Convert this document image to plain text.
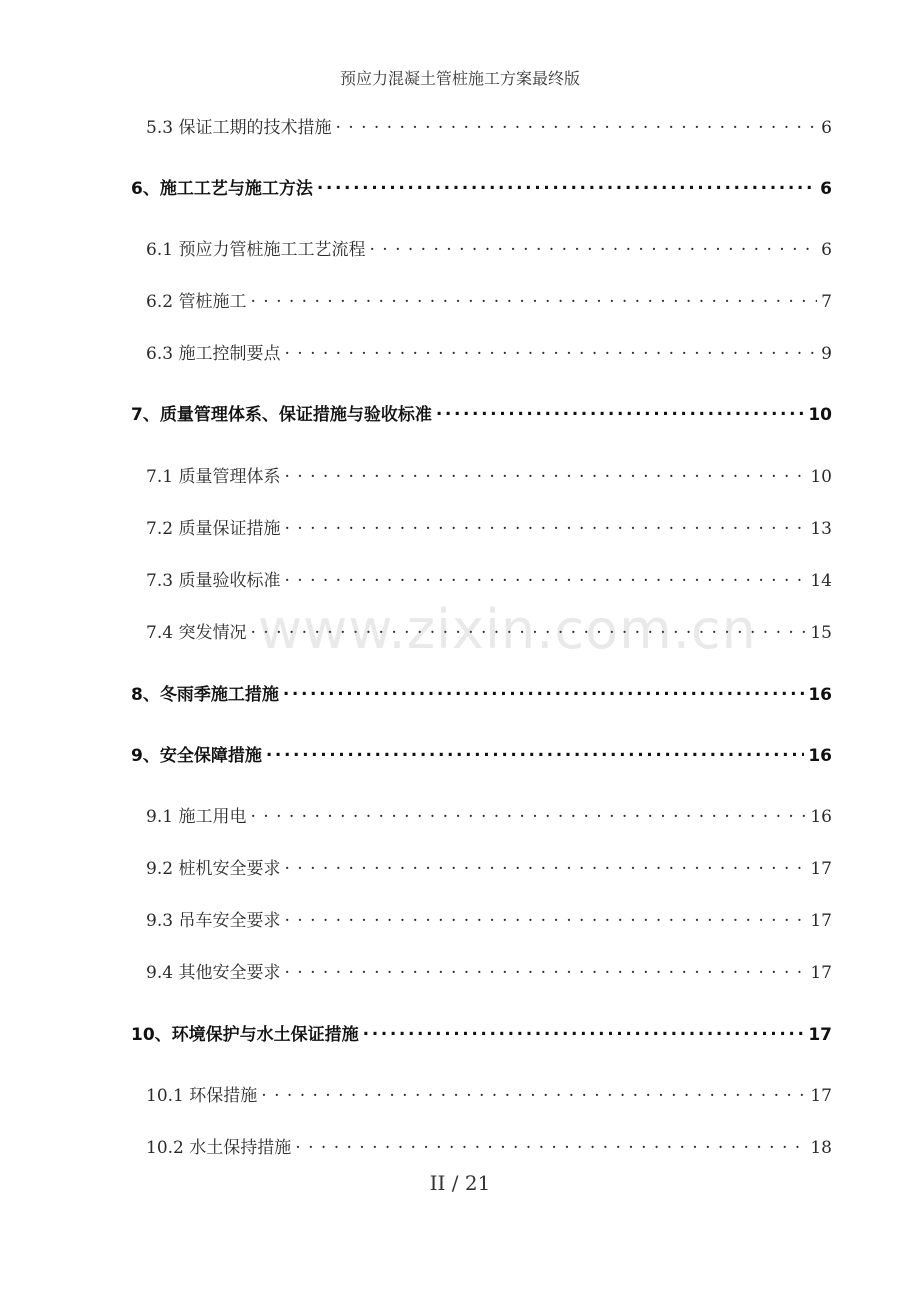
预应力混凝土管桩施工方案最终版
5.3 保证工期的技术措施 . . .	6
6、施工工艺与施工方法 .....	6
6.1 预应力管桩施工工艺流程 . . .	6
6.2 管桩施工 . . .	7
6.3 施工控制要点 . . .	9
7、质量管理体系、保证措施与验收标准 .....	10
7.1 质量管理体系 . . .	10
7.2 质量保证措施 . . .	13
7.3 质量验收标准 . . .	14
7.4 突发情况 . . .	15
8、冬雨季施工措施 .....	16
9、安全保障措施 .....	16
9.1 施工用电 . . .	16
9.2 桩机安全要求 . . .	17
9.3 吊车安全要求 . . .	17
9.4 其他安全要求 . . .	17
10、环境保护与水土保证措施 .....	17
10.1 环保措施 . . .	17
10.2 水土保持措施 . . .	18
www.zixin.com.cn
II / 21
